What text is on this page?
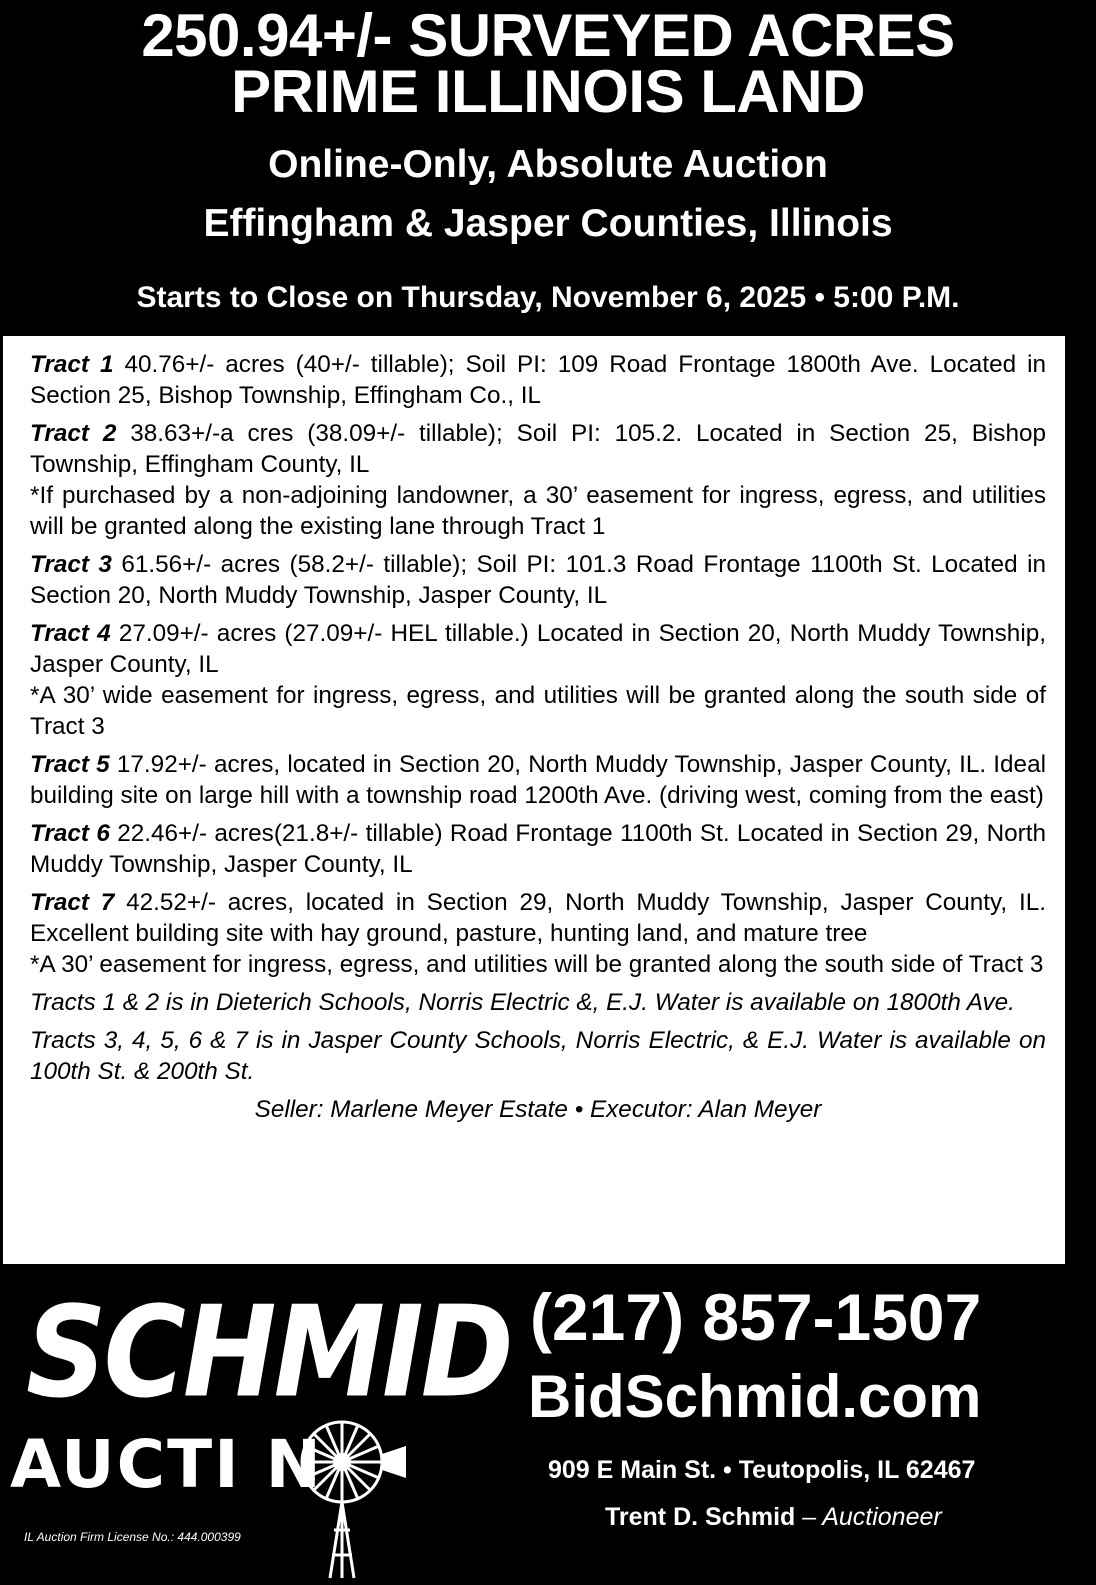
250.94+/- SURVEYED ACRES
PRIME ILLINOIS LAND
Online-Only, Absolute Auction
Effingham & Jasper Counties, Illinois
Starts to Close on Thursday, November 6, 2025 • 5:00 P.M.
Tract 1 40.76+/- acres (40+/- tillable); Soil PI: 109 Road Frontage 1800th Ave. Located in Section 25, Bishop Township, Effingham Co., IL
Tract 2 38.63+/-a cres (38.09+/- tillable); Soil PI: 105.2. Located in Section 25, Bishop Township, Effingham County, IL
*If purchased by a non-adjoining landowner, a 30’ easement for ingress, egress, and utilities will be granted along the existing lane through Tract 1
Tract 3 61.56+/- acres (58.2+/- tillable); Soil PI: 101.3 Road Frontage 1100th St. Located in Section 20, North Muddy Township, Jasper County, IL
Tract 4 27.09+/- acres (27.09+/- HEL tillable.) Located in Section 20, North Muddy Township, Jasper County, IL
*A 30’ wide easement for ingress, egress, and utilities will be granted along the south side of Tract 3
Tract 5 17.92+/- acres, located in Section 20, North Muddy Township, Jasper County, IL. Ideal building site on large hill with a township road 1200th Ave. (driving west, coming from the east)
Tract 6 22.46+/- acres(21.8+/- tillable) Road Frontage 1100th St. Located in Section 29, North Muddy Township, Jasper County, IL
Tract 7 42.52+/- acres, located in Section 29, North Muddy Township, Jasper County, IL. Excellent building site with hay ground, pasture, hunting land, and mature tree
*A 30’ easement for ingress, egress, and utilities will be granted along the south side of Tract 3
Tracts 1 & 2 is in Dieterich Schools, Norris Electric &, E.J. Water is available on 1800th Ave.
Tracts 3, 4, 5, 6 & 7 is in Jasper County Schools, Norris Electric, & E.J. Water is available on 100th St. & 200th St.
Seller: Marlene Meyer Estate • Executor: Alan Meyer
SCHMID
AUCTI N
IL Auction Firm License No.: 444.000399
(217) 857-1507
BidSchmid.com
909 E Main St. • Teutopolis, IL 62467
Trent D. Schmid – Auctioneer
